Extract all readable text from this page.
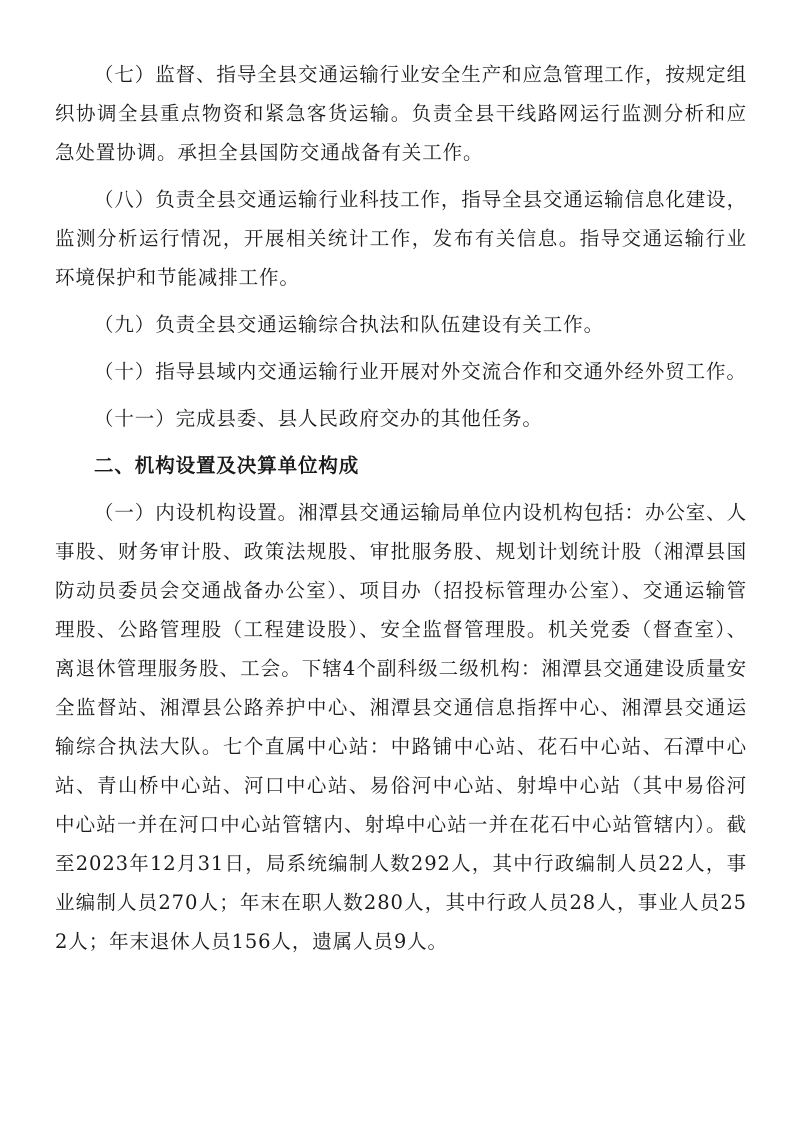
（七）监督、指导全县交通运输行业安全生产和应急管理工作，按规定组织协调全县重点物资和紧急客货运输。负责全县干线路网运行监测分析和应急处置协调。承担全县国防交通战备有关工作。

（八）负责全县交通运输行业科技工作，指导全县交通运输信息化建设，监测分析运行情况，开展相关统计工作，发布有关信息。指导交通运输行业环境保护和节能减排工作。

（九）负责全县交通运输综合执法和队伍建设有关工作。

（十）指导县域内交通运输行业开展对外交流合作和交通外经外贸工作。

（十一）完成县委、县人民政府交办的其他任务。

二、机构设置及决算单位构成

（一）内设机构设置。湘潭县交通运输局单位内设机构包括：办公室、人事股、财务审计股、政策法规股、审批服务股、规划计划统计股（湘潭县国防动员委员会交通战备办公室）、项目办（招投标管理办公室）、交通运输管理股、公路管理股（工程建设股）、安全监督管理股。机关党委（督查室）、离退休管理服务股、工会。下辖4个副科级二级机构：湘潭县交通建设质量安全监督站、湘潭县公路养护中心、湘潭县交通信息指挥中心、湘潭县交通运输综合执法大队。七个直属中心站：中路铺中心站、花石中心站、石潭中心站、青山桥中心站、河口中心站、易俗河中心站、射埠中心站（其中易俗河中心站一并在河口中心站管辖内、射埠中心站一并在花石中心站管辖内）。截至2023年12月31日，局系统编制人数292人，其中行政编制人员22人，事业编制人员270人；年末在职人数280人，其中行政人员28人，事业人员252人；年末退休人员156人，遗属人员9人。
